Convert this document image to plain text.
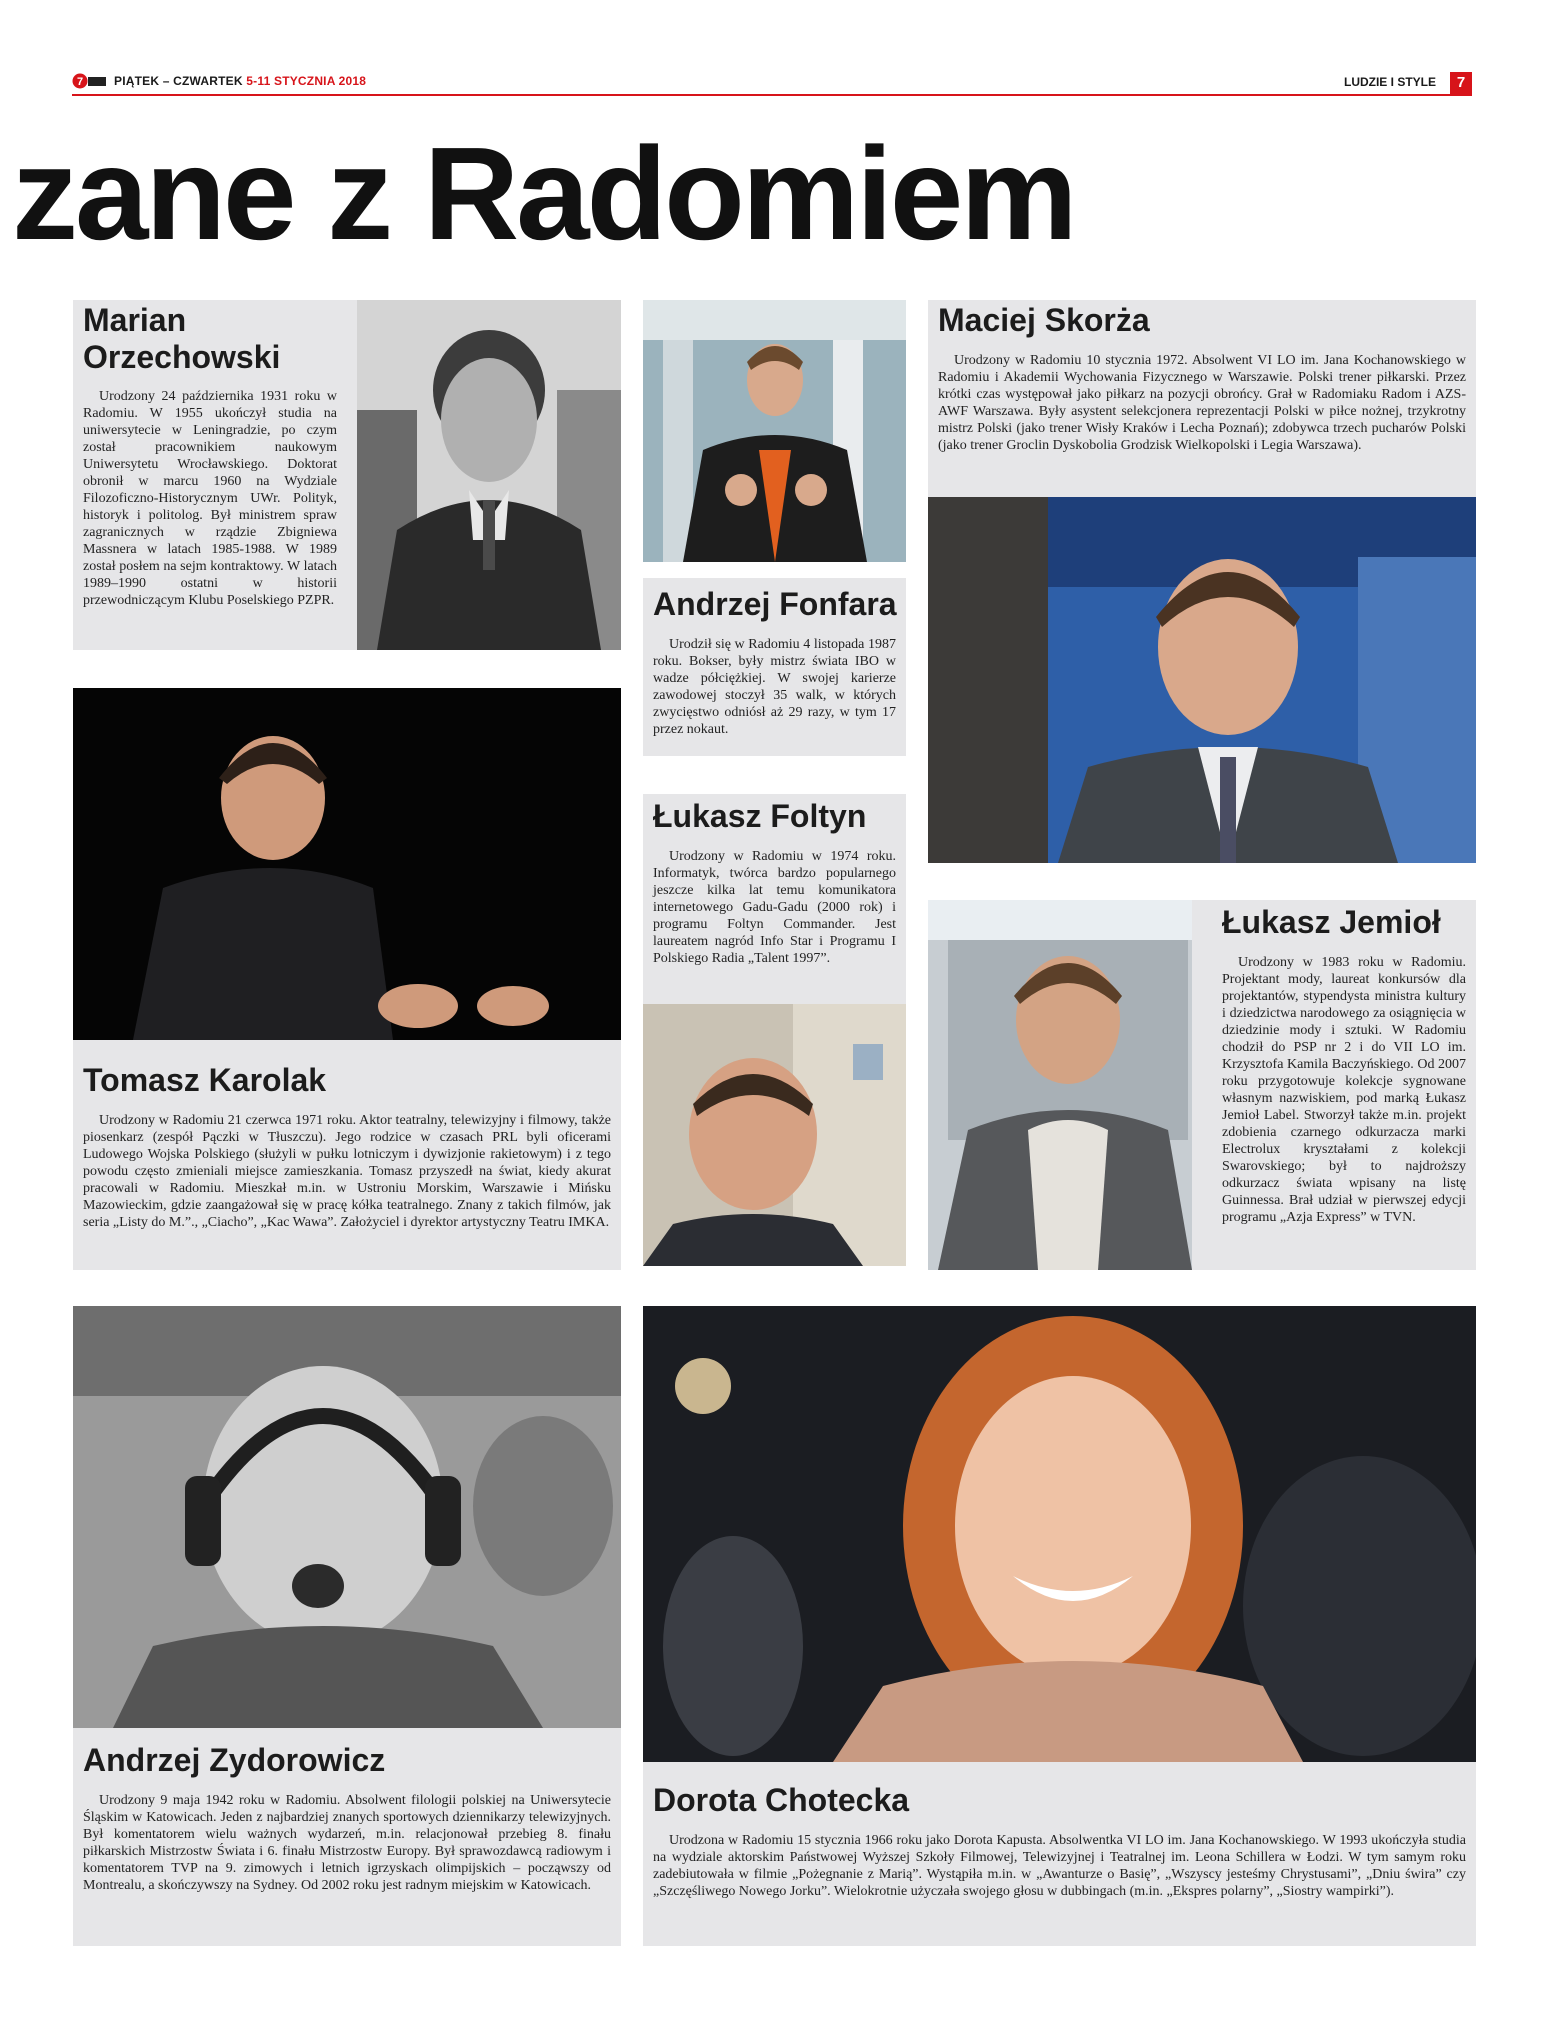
7	PIĄTEK – CZWARTEK 5-11 STYCZNIA 2018	LUDZIE I STYLE	7
zane z Radomiem
Marian
Orzechowski

Urodzony 24 października 1931 roku w Radomiu. W 1955 ukończył studia na uniwersytecie w Leningradzie, po czym został pracownikiem naukowym Uniwersytetu Wrocławskiego. Doktorat obronił w marcu 1960 na Wydziale Filozoficzno-Historycznym UWr. Polityk, historyk i politolog. Był ministrem spraw zagranicznych w rządzie Zbigniewa Massnera w latach 1985-1988. W 1989 został posłem na sejm kontraktowy. W latach 1989–1990 ostatni w historii przewodniczącym Klubu Poselskiego PZPR.	Andrzej Fonfara

Urodził się w Radomiu 4 listopada 1987 roku. Bokser, były mistrz świata IBO w wadze półciężkiej. W swojej karierze zawodowej stoczył 35 walk, w których zwycięstwo odniósł aż 29 razy, w tym 17 przez nokaut.

Łukasz Foltyn

Urodzony w Radomiu w 1974 roku. Informatyk, twórca bardzo popularnego jeszcze kilka lat temu komunikatora internetowego Gadu-Gadu (2000 rok) i programu Foltyn Commander. Jest laureatem nagród Info Star i Programu I Polskiego Radia „Talent 1997”.

Maciej Skorża

Urodzony w Radomiu 10 stycznia 1972. Absolwent VI LO im. Jana Kochanowskiego w Radomiu i Akademii Wychowania Fizycznego w Warszawie. Polski trener piłkarski. Przez krótki czas występował jako piłkarz na pozycji obrońcy. Grał w Radomiaku Radom i AZS-AWF Warszawa. Były asystent selekcjonera reprezentacji Polski w piłce nożnej, trzykrotny mistrz Polski (jako trener Wisły Kraków i Lecha Poznań); zdobywca trzech pucharów Polski (jako trener Groclin Dyskobolia Grodzisk Wielkopolski i Legia Warszawa).

Tomasz Karolak

Urodzony w Radomiu 21 czerwca 1971 roku. Aktor teatralny, telewizyjny i filmowy, także piosenkarz (zespół Pączki w Tłuszczu). Jego rodzice w czasach PRL byli oficerami Ludowego Wojska Polskiego (służyli w pułku lotniczym i dywizjonie rakietowym) i z tego powodu często zmieniali miejsce zamieszkania. Tomasz przyszedł na świat, kiedy akurat pracowali w Radomiu. Mieszkał m.in. w Ustroniu Morskim, Warszawie i Mińsku Mazowieckim, gdzie zaangażował się w pracę kółka teatralnego. Znany z takich filmów, jak seria „Listy do M.”., „Ciacho”, „Kac Wawa”. Założyciel i dyrektor artystyczny Teatru IMKA.

Łukasz Jemioł

Urodzony w 1983 roku w Radomiu. Projektant mody, laureat konkursów dla projektantów, stypendysta ministra kultury i dziedzictwa narodowego za osiągnięcia w dziedzinie mody i sztuki. W Radomiu chodził do PSP nr 2 i do VII LO im. Krzysztofa Kamila Baczyńskiego. Od 2007 roku przygotowuje kolekcje sygnowane własnym nazwiskiem, pod marką Łukasz Jemioł Label. Stworzył także m.in. projekt zdobienia czarnego odkurzacza marki Electrolux kryształami z kolekcji Swarovskiego; był to najdroższy odkurzacz świata wpisany na listę Guinnessa. Brał udział w pierwszej edycji programu „Azja Express” w TVN.

Andrzej Zydorowicz

Urodzony 9 maja 1942 roku w Radomiu. Absolwent filologii polskiej na Uniwersytecie Śląskim w Katowicach. Jeden z najbardziej znanych sportowych dziennikarzy telewizyjnych. Był komentatorem wielu ważnych wydarzeń, m.in. relacjonował przebieg 8. finału piłkarskich Mistrzostw Świata i 6. finału Mistrzostw Europy. Był sprawozdawcą radiowym i komentatorem TVP na 9. zimowych i letnich igrzyskach olimpijskich – począwszy od Montrealu, a skończywszy na Sydney. Od 2002 roku jest radnym miejskim w Katowicach.

Dorota Chotecka

Urodzona w Radomiu 15 stycznia 1966 roku jako Dorota Kapusta. Absolwentka VI LO im. Jana Kochanowskiego. W 1993 ukończyła studia na wydziale aktorskim Państwowej Wyższej Szkoły Filmowej, Telewizyjnej i Teatralnej im. Leona Schillera w Łodzi. W tym samym roku zadebiutowała w filmie „Pożegnanie z Marią”. Wystąpiła m.in. w „Awanturze o Basię”, „Wszyscy jesteśmy Chrystusami”, „Dniu świra” czy „Szczęśliwego Nowego Jorku”. Wielokrotnie użyczała swojego głosu w dubbingach (m.in. „Ekspres polarny”, „Siostry wampirki”).
